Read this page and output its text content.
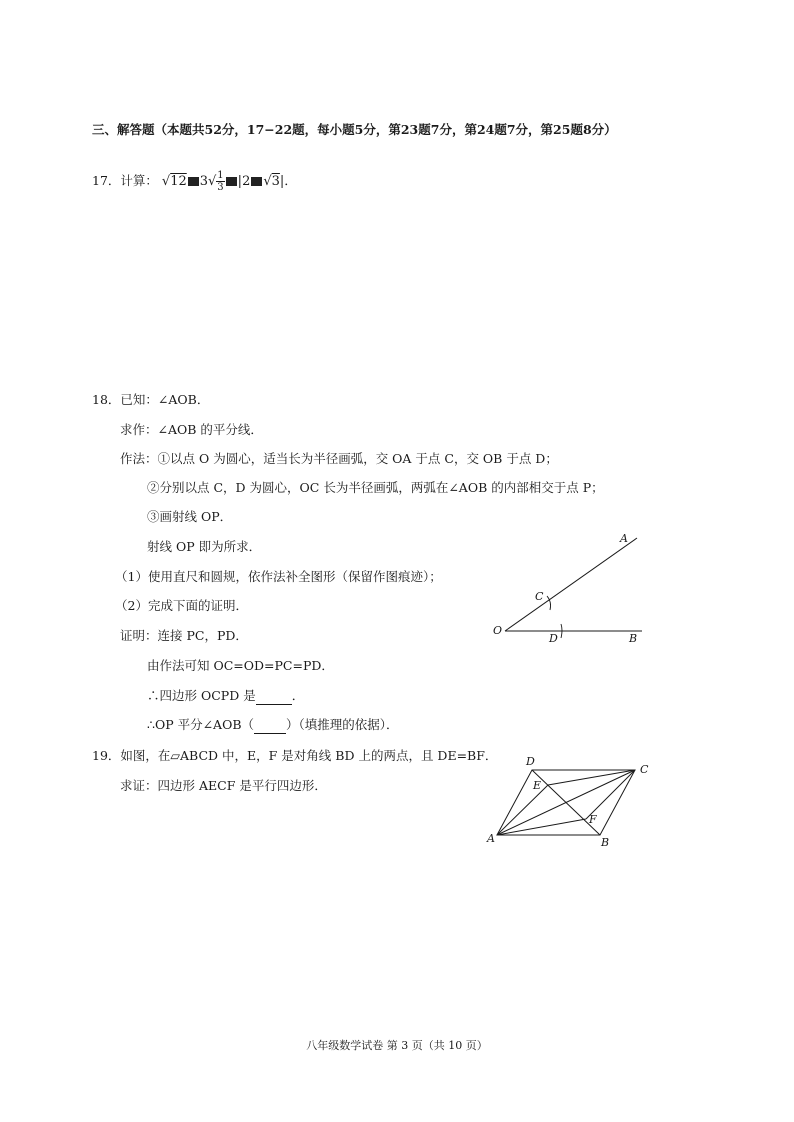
三、解答题（本题共52分，17−22题，每小题5分，第23题7分，第24题7分，第25题8分）
17．计算： √12 $3√ \frac{1}{3} |2$ √3|．
18．已知：∠AOB．
求作：∠AOB 的平分线．
作法：①以点 O 为圆心，适当长为半径画弧，交 OA 于点 C，交 OB 于点 D；
②分别以点 C，D 为圆心，OC 长为半径画弧，两弧在∠AOB 的内部相交于点 P；
③画射线 OP．
射线 OP 即为所求．
（1）使用直尺和圆规，依作法补全图形（保留作图痕迹）；
（2）完成下面的证明．
证明：连接 PC，PD．
由作法可知 OC=OD=PC=PD．
∴四边形 OCPD 是	．
∴OP 平分∠AOB（	）（填推理的依据）．
A
C
O
D	B
19．如图，在▱ABCD 中，E，F 是对角线 BD 上的两点，且 DE=BF．
求证：四边形 AECF 是平行四边形．
D
C
E
F
A	B
八年级数学试卷 第 3 页（共 10 页）
